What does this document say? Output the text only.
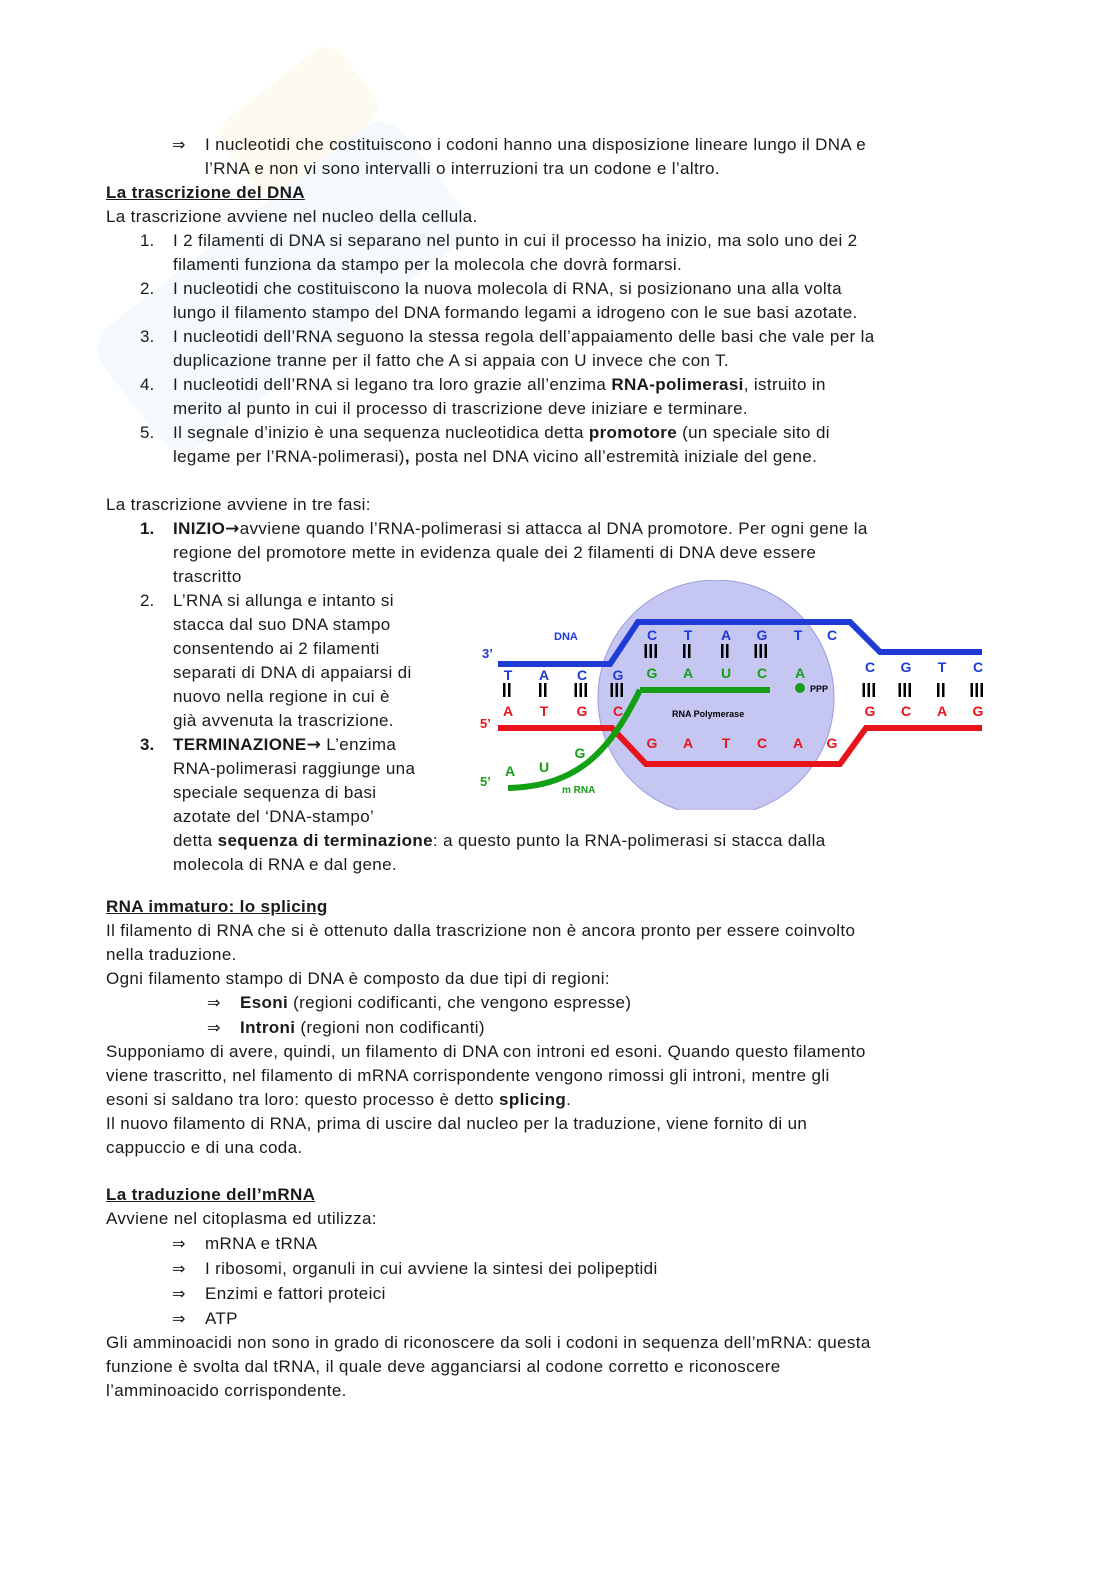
⇒ I nucleotidi che costituiscono i codoni hanno una disposizione lineare lungo il DNA e
l’RNA e non vi sono intervalli o interruzioni tra un codone e l’altro.
La trascrizione del DNA
La trascrizione avviene nel nucleo della cellula.
1. I 2 filamenti di DNA si separano nel punto in cui il processo ha inizio, ma solo uno dei 2
filamenti funziona da stampo per la molecola che dovrà formarsi.
2. I nucleotidi che costituiscono la nuova molecola di RNA, si posizionano una alla volta
lungo il filamento stampo del DNA formando legami a idrogeno con le sue basi azotate.
3. I nucleotidi dell’RNA seguono la stessa regola dell’appaiamento delle basi che vale per la
duplicazione tranne per il fatto che A si appaia con U invece che con T.
4. I nucleotidi dell’RNA si legano tra loro grazie all’enzima RNA-polimerasi, istruito in
merito al punto in cui il processo di trascrizione deve iniziare e terminare.
5. Il segnale d’inizio è una sequenza nucleotidica detta promotore (un speciale sito di
legame per l’RNA-polimerasi), posta nel DNA vicino all’estremità iniziale del gene.
La trascrizione avviene in tre fasi:
1. INIZIO→avviene quando l’RNA-polimerasi si attacca al DNA promotore. Per ogni gene la
regione del promotore mette in evidenza quale dei 2 filamenti di DNA deve essere
trascritto
2. L’RNA si allunga e intanto si
stacca dal suo DNA stampo
consentendo ai 2 filamenti
separati di DNA di appaiarsi di
nuovo nella regione in cui è
già avvenuta la trascrizione.
3. TERMINAZIONE→ L’enzima
RNA-polimerasi raggiunge una
speciale sequenza di basi
azotate del ‘DNA-stampo’
detta sequenza di terminazione: a questo punto la RNA-polimerasi si stacca dalla
molecola di RNA e dal gene.
DNA
3’
5’
5’
m RNA
RNA Polymerase
PPP
T A C G
A T G C
C T A G T C
G A U C A
G A T C A G
C G T C
G C A G
A U
G
RNA immaturo: lo splicing
Il filamento di RNA che si è ottenuto dalla trascrizione non è ancora pronto per essere coinvolto
nella traduzione.
Ogni filamento stampo di DNA è composto da due tipi di regioni:
⇒ Esoni (regioni codificanti, che vengono espresse)
⇒ Introni (regioni non codificanti)
Supponiamo di avere, quindi, un filamento di DNA con introni ed esoni. Quando questo filamento
viene trascritto, nel filamento di mRNA corrispondente vengono rimossi gli introni, mentre gli
esoni si saldano tra loro: questo processo è detto splicing.
Il nuovo filamento di RNA, prima di uscire dal nucleo per la traduzione, viene fornito di un
cappuccio e di una coda.
La traduzione dell’mRNA
Avviene nel citoplasma ed utilizza:
⇒ mRNA e tRNA
⇒ I ribosomi, organuli in cui avviene la sintesi dei polipeptidi
⇒ Enzimi e fattori proteici
⇒ ATP
Gli amminoacidi non sono in grado di riconoscere da soli i codoni in sequenza dell’mRNA: questa
funzione è svolta dal tRNA, il quale deve agganciarsi al codone corretto e riconoscere
l’amminoacido corrispondente.
